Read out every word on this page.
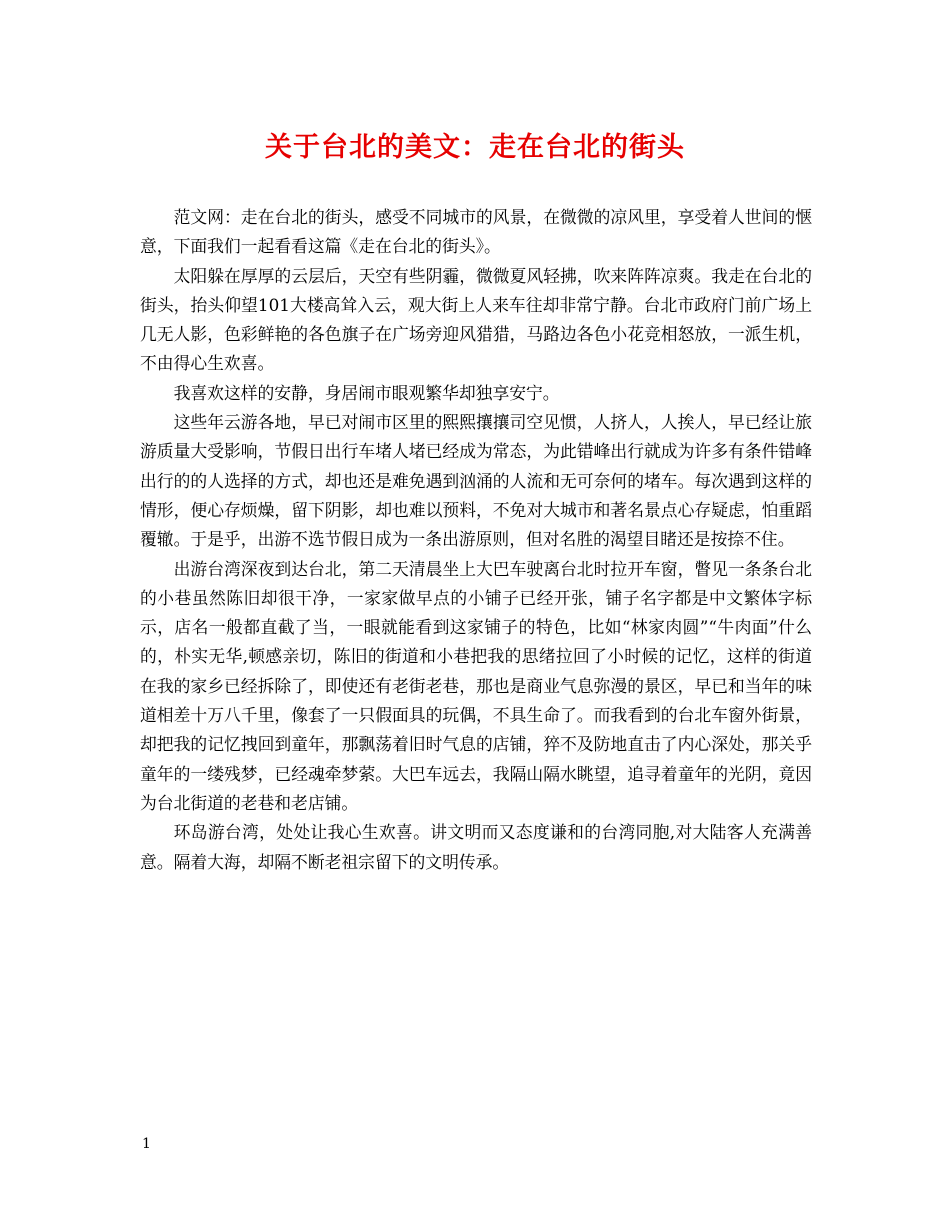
关于台北的美文：走在台北的街头

范文网：走在台北的街头，感受不同城市的风景，在微微的凉风里，享受着人世间的惬意，下面我们一起看看这篇《走在台北的街头》。

太阳躲在厚厚的云层后，天空有些阴霾，微微夏风轻拂，吹来阵阵凉爽。我走在台北的街头，抬头仰望101大楼高耸入云，观大街上人来车往却非常宁静。台北市政府门前广场上几无人影，色彩鲜艳的各色旗子在广场旁迎风猎猎，马路边各色小花竞相怒放，一派生机，不由得心生欢喜。

我喜欢这样的安静，身居闹市眼观繁华却独享安宁。

这些年云游各地，早已对闹市区里的熙熙攘攘司空见惯，人挤人，人挨人，早已经让旅游质量大受影响，节假日出行车堵人堵已经成为常态，为此错峰出行就成为许多有条件错峰出行的的人选择的方式，却也还是难免遇到汹涌的人流和无可奈何的堵车。每次遇到这样的情形，便心存烦燥，留下阴影，却也难以预料，不免对大城市和著名景点心存疑虑，怕重蹈覆辙。于是乎，出游不选节假日成为一条出游原则，但对名胜的渴望目睹还是按捺不住。

出游台湾深夜到达台北，第二天清晨坐上大巴车驶离台北时拉开车窗，瞥见一条条台北的小巷虽然陈旧却很干净，一家家做早点的小铺子已经开张，铺子名字都是中文繁体字标示，店名一般都直截了当，一眼就能看到这家铺子的特色，比如“林家肉圆”“牛肉面”什么的，朴实无华,顿感亲切，陈旧的街道和小巷把我的思绪拉回了小时候的记忆，这样的街道在我的家乡已经拆除了，即使还有老街老巷，那也是商业气息弥漫的景区，早已和当年的味道相差十万八千里，像套了一只假面具的玩偶，不具生命了。而我看到的台北车窗外街景，却把我的记忆拽回到童年，那飘荡着旧时气息的店铺，猝不及防地直击了内心深处，那关乎童年的一缕残梦，已经魂牵梦萦。大巴车远去，我隔山隔水眺望，追寻着童年的光阴，竟因为台北街道的老巷和老店铺。

环岛游台湾，处处让我心生欢喜。讲文明而又态度谦和的台湾同胞,对大陆客人充满善意。隔着大海，却隔不断老祖宗留下的文明传承。

1
